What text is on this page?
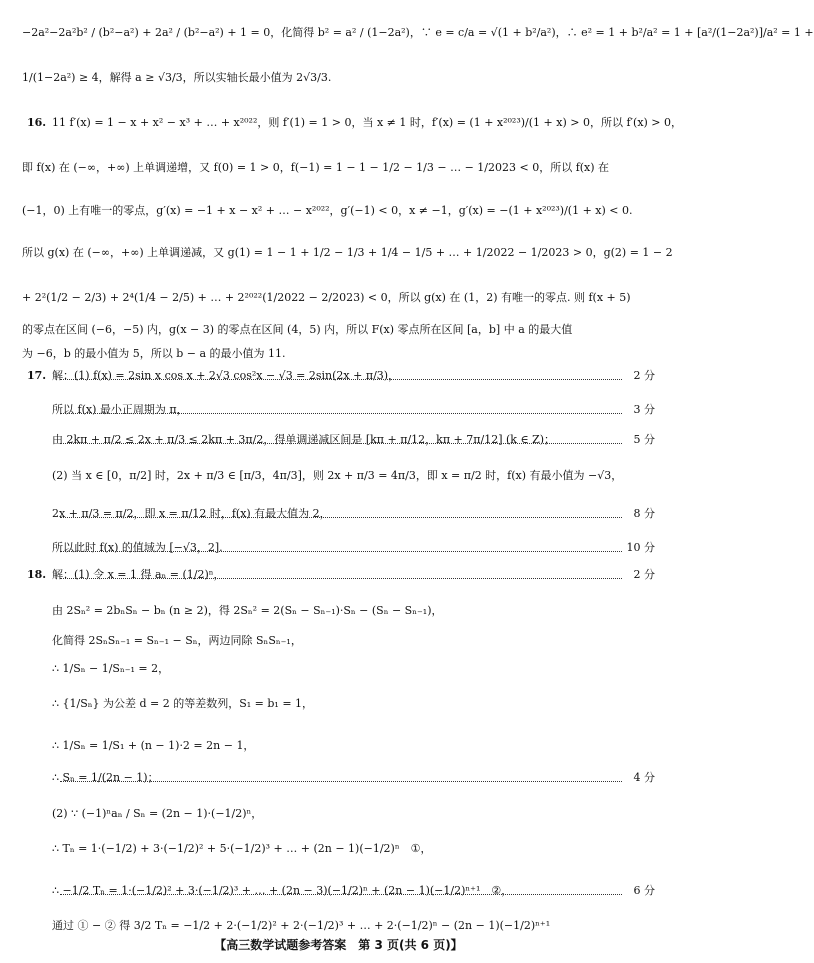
−2a²−2a²b² / (b²−a²) + 2a² / (b²−a²) + 1 = 0，化简得 b² = a² / (1−2a²)，∵ e = c/a = √(1 + b²/a²)，∴ e² = 1 + b²/a² = 1 + [a²/(1−2a²)]/a² = 1 +
1/(1−2a²) ≥ 4，解得 a ≥ √3/3，所以实轴长最小值为 2√3/3.
16. 11 f′(x) = 1 − x + x² − x³ + … + x²⁰²²，则 f′(1) = 1 > 0，当 x ≠ 1 时，f′(x) = (1 + x²⁰²³)/(1 + x) > 0，所以 f′(x) > 0，
即 f(x) 在 (−∞，+∞) 上单调递增，又 f(0) = 1 > 0，f(−1) = 1 − 1 − 1/2 − 1/3 − … − 1/2023 < 0，所以 f(x) 在
(−1，0) 上有唯一的零点，g′(x) = −1 + x − x² + … − x²⁰²²，g′(−1) < 0，x ≠ −1，g′(x) = −(1 + x²⁰²³)/(1 + x) < 0.
所以 g(x) 在 (−∞，+∞) 上单调递减，又 g(1) = 1 − 1 + 1/2 − 1/3 + 1/4 − 1/5 + … + 1/2022 − 1/2023 > 0，g(2) = 1 − 2
+ 2²(1/2 − 2/3) + 2⁴(1/4 − 2/5) + … + 2²⁰²²(1/2022 − 2/2023) < 0，所以 g(x) 在 (1，2) 有唯一的零点. 则 f(x + 5)
的零点在区间 (−6，−5) 内，g(x − 3) 的零点在区间 (4，5) 内，所以 F(x) 零点所在区间 [a，b] 中 a 的最大值
为 −6，b 的最小值为 5，所以 b − a 的最小值为 11.
17. 解：(1) f(x) = 2sin x cos x + 2√3 cos²x − √3 = 2sin(2x + π/3)，	2 分
所以 f(x) 最小正周期为 π，	3 分
由 2kπ + π/2 ≤ 2x + π/3 ≤ 2kπ + 3π/2，得单调递减区间是 [kπ + π/12，kπ + 7π/12] (k ∈ Z)；	5 分
(2) 当 x ∈ [0，π/2] 时，2x + π/3 ∈ [π/3，4π/3]，则 2x + π/3 = 4π/3，即 x = π/2 时，f(x) 有最小值为 −√3，
2x + π/3 = π/2，即 x = π/12 时，f(x) 有最大值为 2，	8 分
所以此时 f(x) 的值域为 [−√3，2].	10 分
18. 解：(1) 令 x = 1 得 aₙ = (1/2)ⁿ，	2 分
由 2Sₙ² = 2bₙSₙ − bₙ (n ≥ 2)，得 2Sₙ² = 2(Sₙ − Sₙ₋₁)·Sₙ − (Sₙ − Sₙ₋₁)，
化简得 2SₙSₙ₋₁ = Sₙ₋₁ − Sₙ，两边同除 SₙSₙ₋₁，
∴ 1/Sₙ − 1/Sₙ₋₁ = 2，
∴ {1/Sₙ} 为公差 d = 2 的等差数列，S₁ = b₁ = 1，
∴ 1/Sₙ = 1/S₁ + (n − 1)·2 = 2n − 1，
∴ Sₙ = 1/(2n − 1)；	4 分
(2) ∵ (−1)ⁿaₙ / Sₙ = (2n − 1)·(−1/2)ⁿ，
∴ Tₙ = 1·(−1/2) + 3·(−1/2)² + 5·(−1/2)³ + … + (2n − 1)(−1/2)ⁿ　①，
∴ −1/2 Tₙ = 1·(−1/2)² + 3·(−1/2)³ + … + (2n − 3)(−1/2)ⁿ + (2n − 1)(−1/2)ⁿ⁺¹　②，	6 分
通过 ① − ② 得 3/2 Tₙ = −1/2 + 2·(−1/2)² + 2·(−1/2)³ + … + 2·(−1/2)ⁿ − (2n − 1)(−1/2)ⁿ⁺¹
【高三数学试题参考答案　第 3 页(共 6 页)】
